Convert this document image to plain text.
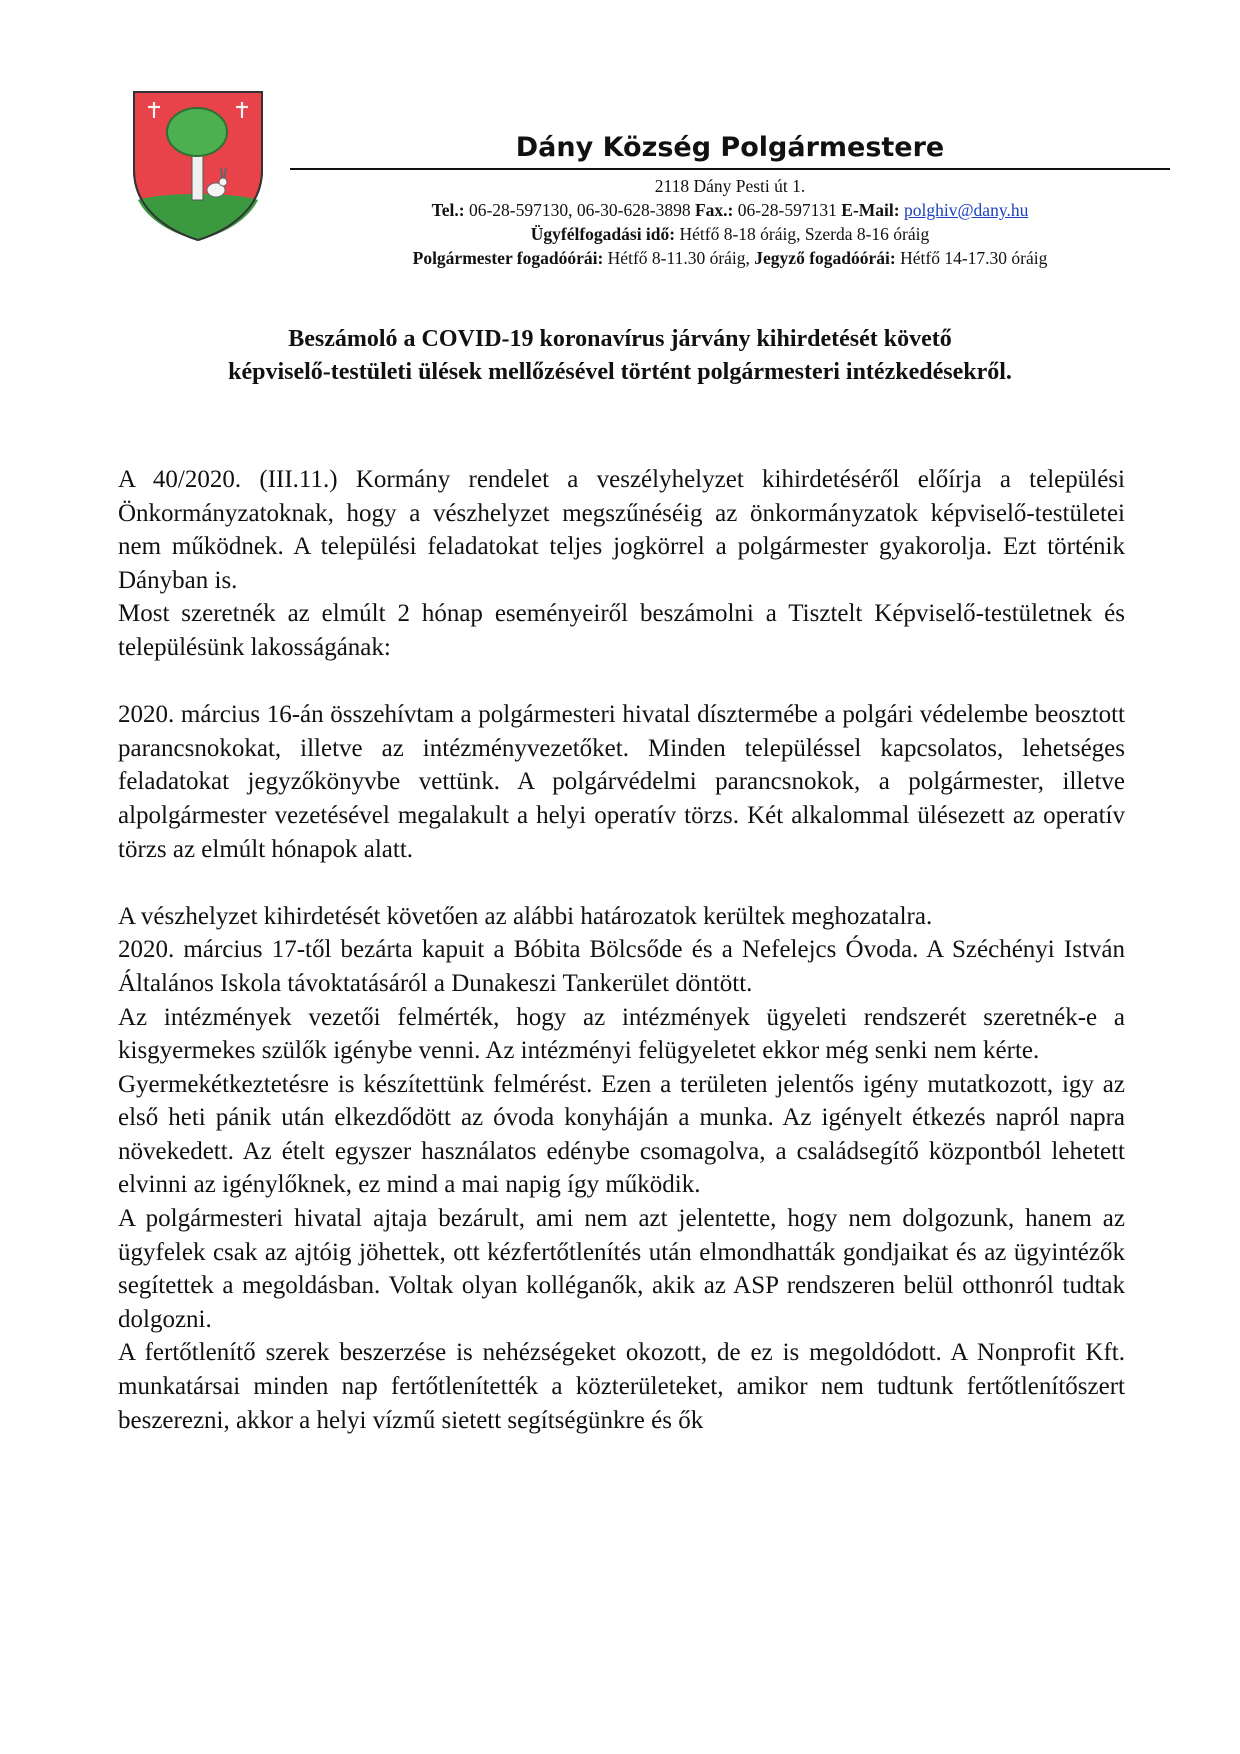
Dány Község Polgármestere
2118 Dány Pesti út 1.
Tel.: 06-28-597130, 06-30-628-3898 Fax.: 06-28-597131 E-Mail: polghiv@dany.hu
Ügyfélfogadási idő: Hétfő 8-18 óráig, Szerda 8-16 óráig
Polgármester fogadóórái: Hétfő 8-11.30 óráig, Jegyző fogadóórái: Hétfő 14-17.30 óráig
Beszámoló a COVID-19 koronavírus járvány kihirdetését követő
képviselő-testületi ülések mellőzésével történt polgármesteri intézkedésekről.

A 40/2020. (III.11.) Kormány rendelet a veszélyhelyzet kihirdetéséről előírja a települési Önkormányzatoknak, hogy a vészhelyzet megszűnéséig az önkormányzatok képviselő-testületei nem működnek. A települési feladatokat teljes jogkörrel a polgármester gyakorolja. Ezt történik Dányban is.

Most szeretnék az elmúlt 2 hónap eseményeiről beszámolni a Tisztelt Képviselő-testületnek és településünk lakosságának:

2020. március 16-án összehívtam a polgármesteri hivatal dísztermébe a polgári védelembe beosztott parancsnokokat, illetve az intézményvezetőket. Minden településsel kapcsolatos, lehetséges feladatokat jegyzőkönyvbe vettünk. A polgárvédelmi parancsnokok, a polgármester, illetve alpolgármester vezetésével megalakult a helyi operatív törzs. Két alkalommal ülésezett az operatív törzs az elmúlt hónapok alatt.

A vészhelyzet kihirdetését követően az alábbi határozatok kerültek meghozatalra.

2020. március 17-től bezárta kapuit a Bóbita Bölcsőde és a Nefelejcs Óvoda. A Széchényi István Általános Iskola távoktatásáról a Dunakeszi Tankerület döntött.

Az intézmények vezetői felmérték, hogy az intézmények ügyeleti rendszerét szeretnék-e a kisgyermekes szülők igénybe venni. Az intézményi felügyeletet ekkor még senki nem kérte.

Gyermekétkeztetésre is készítettünk felmérést. Ezen a területen jelentős igény mutatkozott, igy az első heti pánik után elkezdődött az óvoda konyháján a munka. Az igényelt étkezés napról napra növekedett. Az ételt egyszer használatos edénybe csomagolva, a családsegítő központból lehetett elvinni az igénylőknek, ez mind a mai napig így működik.

A polgármesteri hivatal ajtaja bezárult, ami nem azt jelentette, hogy nem dolgozunk, hanem az ügyfelek csak az ajtóig jöhettek, ott kézfertőtlenítés után elmondhatták gondjaikat és az ügyintézők segítettek a megoldásban. Voltak olyan kolléganők, akik az ASP rendszeren belül otthonról tudtak dolgozni.

A fertőtlenítő szerek beszerzése is nehézségeket okozott, de ez is megoldódott. A Nonprofit Kft. munkatársai minden nap fertőtlenítették a közterületeket, amikor nem tudtunk fertőtlenítőszert beszerezni, akkor a helyi vízmű sietett segítségünkre és ők
